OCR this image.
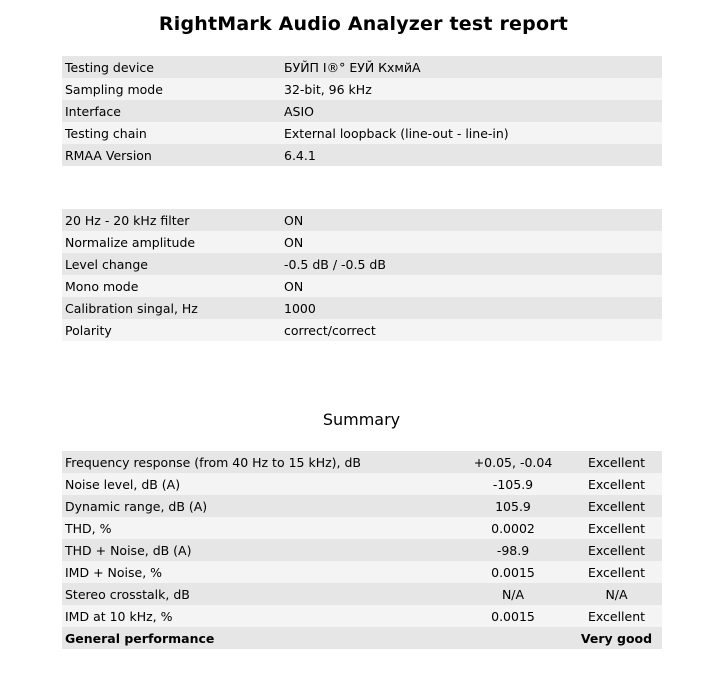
RightMark Audio Analyzer test report
Testing device	БУЙП I®° ЕУЙ КхмйА
Sampling mode	32-bit, 96 kHz
Interface	ASIO
Testing chain	External loopback (line-out - line-in)
RMAA Version	6.4.1
20 Hz - 20 kHz filter	ON
Normalize amplitude	ON
Level change	-0.5 dB / -0.5 dB
Mono mode	ON
Calibration singal, Hz	1000
Polarity	correct/correct
Summary
Frequency response (from 40 Hz to 15 kHz), dB	+0.05, -0.04	Excellent
Noise level, dB (A)	-105.9	Excellent
Dynamic range, dB (A)	105.9	Excellent
THD, %	0.0002	Excellent
THD + Noise, dB (A)	-98.9	Excellent
IMD + Noise, %	0.0015	Excellent
Stereo crosstalk, dB	N/A	N/A
IMD at 10 kHz, %	0.0015	Excellent
General performance		Very good
